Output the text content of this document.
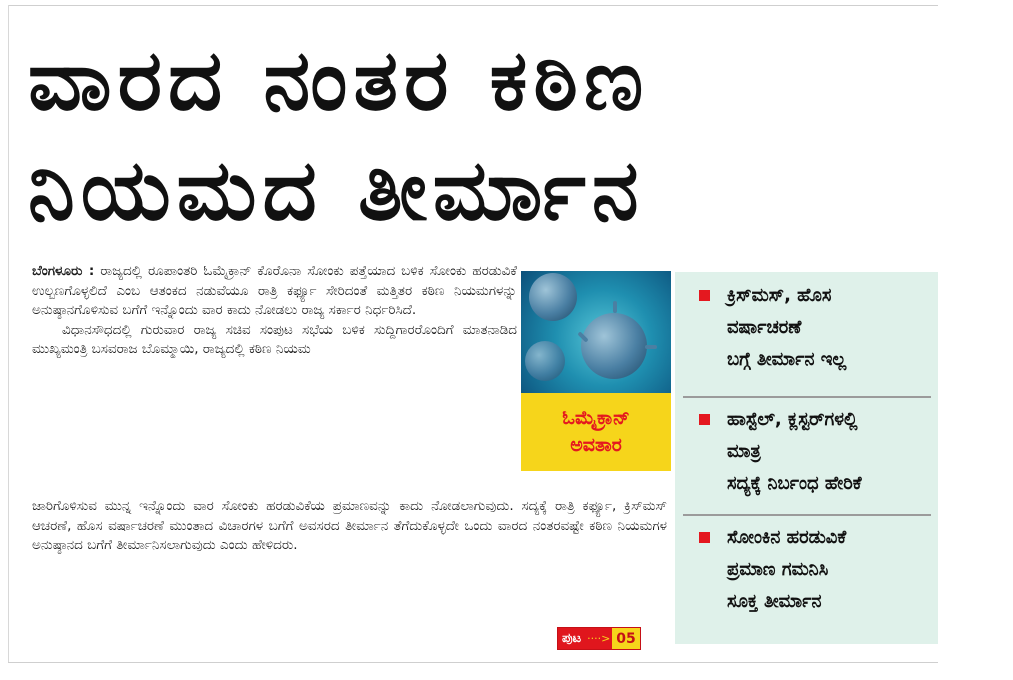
ವಾರದ ನಂತರ ಕಠಿಣ
ನಿಯಮದ ತೀರ್ಮಾನ

ಬೆಂಗಳೂರು : ರಾಜ್ಯದಲ್ಲಿ ರೂಪಾಂತರಿ ಓಮೈಕ್ರಾನ್ ಕೊರೊನಾ ಸೋಂಕು ಪತ್ತೆಯಾದ ಬಳಿಕ ಸೋಂಕು ಹರಡುವಿಕೆ ಉಲ್ಬಣಗೊಳ್ಳಲಿದೆ ಎಂಬ ಆತಂಕದ ನಡುವೆಯೂ ರಾತ್ರಿ ಕರ್ಫ್ಯೂ ಸೇರಿದಂತೆ ಮತ್ತಿತರ ಕಠಿಣ ನಿಯಮಗಳನ್ನು ಅನುಷ್ಠಾನಗೊಳಿಸುವ ಬಗೆಗೆ ಇನ್ನೊಂದು ವಾರ ಕಾದು ನೋಡಲು ರಾಜ್ಯ ಸರ್ಕಾರ ನಿರ್ಧರಿಸಿದೆ.

ವಿಧಾನಸೌಧದಲ್ಲಿ ಗುರುವಾರ ರಾಜ್ಯ ಸಚಿವ ಸಂಪುಟ ಸಭೆಯ ಬಳಿಕ ಸುದ್ದಿಗಾರರೊಂದಿಗೆ ಮಾತನಾಡಿದ ಮುಖ್ಯಮಂತ್ರಿ ಬಸವರಾಜ ಬೊಮ್ಮಾಯಿ, ರಾಜ್ಯದಲ್ಲಿ ಕಠಿಣ ನಿಯಮ

ಜಾರಿಗೊಳಿಸುವ ಮುನ್ನ ಇನ್ನೊಂದು ವಾರ ಸೋಂಕು ಹರಡುವಿಕೆಯ ಪ್ರಮಾಣವನ್ನು ಕಾದು ನೋಡಲಾಗುವುದು. ಸದ್ಯಕ್ಕೆ ರಾತ್ರಿ ಕರ್ಫ್ಯೂ, ಕ್ರಿಸ್‌ಮಸ್ ಆಚರಣೆ, ಹೊಸ ವರ್ಷಾಚರಣೆ ಮುಂತಾದ ವಿಚಾರಗಳ ಬಗೆಗೆ ಅವಸರದ ತೀರ್ಮಾನ ತೆಗೆದುಕೊಳ್ಳದೇ ಒಂದು ವಾರದ ನಂತರವಷ್ಟೇ ಕಠಿಣ ನಿಯಮಗಳ ಅನುಷ್ಠಾನದ ಬಗೆಗೆ ತೀರ್ಮಾನಿಸಲಾಗುವುದು ಎಂದು ಹೇಳಿದರು.
ಓಮೈಕ್ರಾನ್
ಅವತಾರ
ಕ್ರಿಸ್‌ಮಸ್, ಹೊಸ
ವರ್ಷಾಚರಣೆ
ಬಗ್ಗೆ ತೀರ್ಮಾನ ಇಲ್ಲ
ಹಾಸ್ಟೆಲ್, ಕ್ಲಸ್ಟರ್‌ಗಳಲ್ಲಿ
ಮಾತ್ರ
ಸದ್ಯಕ್ಕೆ ನಿರ್ಬಂಧ ಹೇರಿಕೆ
ಸೋಂಕಿನ ಹರಡುವಿಕೆ
ಪ್ರಮಾಣ ಗಮನಿಸಿ
ಸೂಕ್ತ ತೀರ್ಮಾನ
ಪುಟ ····> 05
